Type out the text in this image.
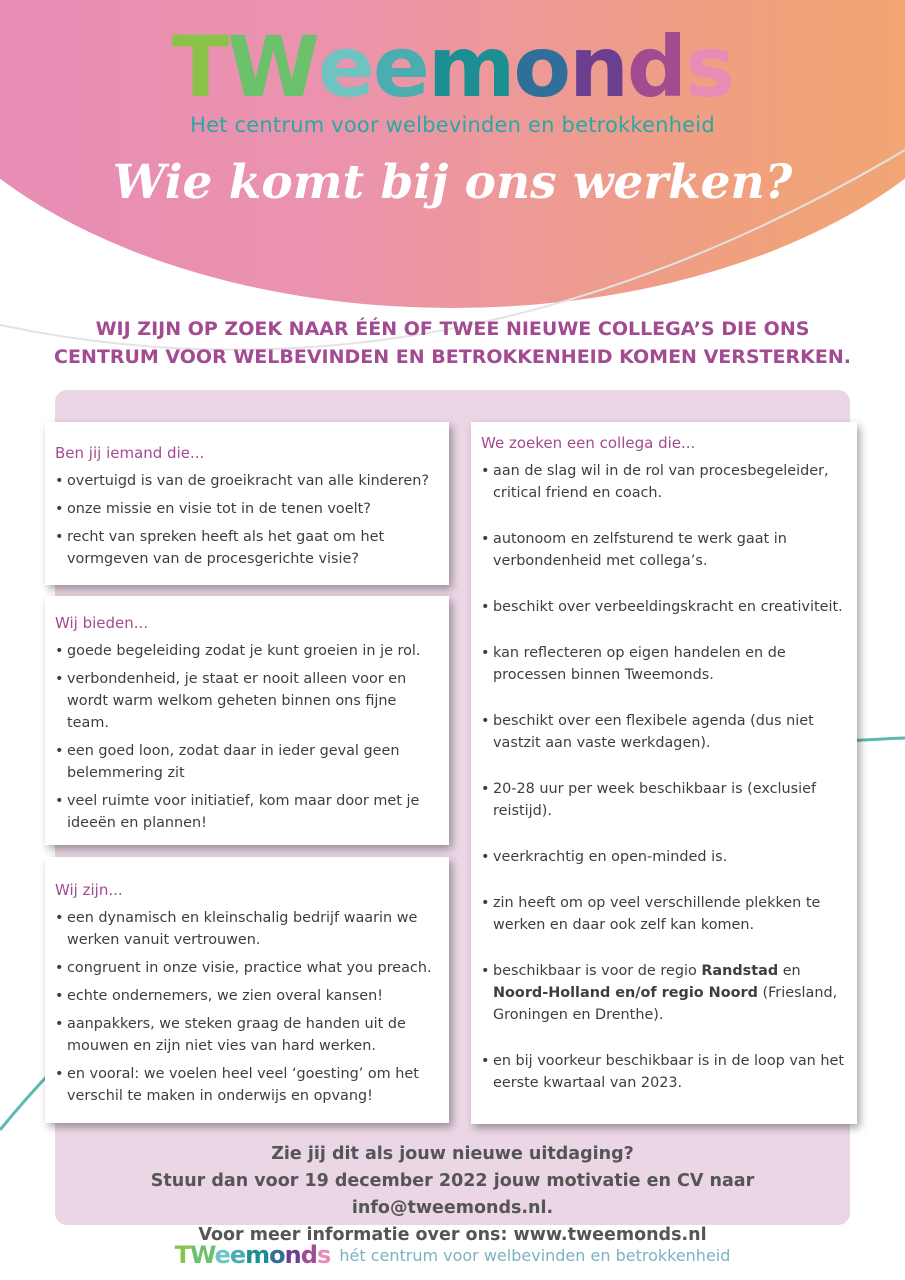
TWeemonds
Het centrum voor welbevinden en betrokkenheid
Wie komt bij ons werken?
WIJ ZIJN OP ZOEK NAAR ÉÉN OF TWEE NIEUWE COLLEGA’S DIE ONS
CENTRUM VOOR WELBEVINDEN EN BETROKKENHEID KOMEN VERSTERKEN.
Ben jij iemand die...
• overtuigd is van de groeikracht van alle kinderen?
• onze missie en visie tot in de tenen voelt?
• recht van spreken heeft als het gaat om het vormgeven van de procesgerichte visie?
Wij bieden...
• goede begeleiding zodat je kunt groeien in je rol.
• verbondenheid, je staat er nooit alleen voor en wordt warm welkom geheten binnen ons fijne team.
• een goed loon, zodat daar in ieder geval geen belemmering zit
• veel ruimte voor initiatief, kom maar door met je ideeën en plannen!
Wij zijn...
• een dynamisch en kleinschalig bedrijf waarin we werken vanuit vertrouwen.
• congruent in onze visie, practice what you preach.
• echte ondernemers, we zien overal kansen!
• aanpakkers, we steken graag de handen uit de mouwen en zijn niet vies van hard werken.
• en vooral: we voelen heel veel ‘goesting’ om het verschil te maken in onderwijs en opvang!
We zoeken een collega die...
• aan de slag wil in de rol van procesbegeleider, critical friend en coach.
• autonoom en zelfsturend te werk gaat in verbondenheid met collega’s.
• beschikt over verbeeldingskracht en creativiteit.
• kan reflecteren op eigen handelen en de processen binnen Tweemonds.
• beschikt over een flexibele agenda (dus niet vastzit aan vaste werkdagen).
• 20-28 uur per week beschikbaar is (exclusief reistijd).
• veerkrachtig en open-minded is.
• zin heeft om op veel verschillende plekken te werken en daar ook zelf kan komen.
• beschikbaar is voor de regio Randstad en Noord-Holland en/of regio Noord (Friesland, Groningen en Drenthe).
• en bij voorkeur beschikbaar is in de loop van het eerste kwartaal van 2023.
Zie jij dit als jouw nieuwe uitdaging?
Stuur dan voor 19 december 2022 jouw motivatie en CV naar info@tweemonds.nl.
Voor meer informatie over ons: www.tweemonds.nl
TWeemonds hét centrum voor welbevinden en betrokkenheid
